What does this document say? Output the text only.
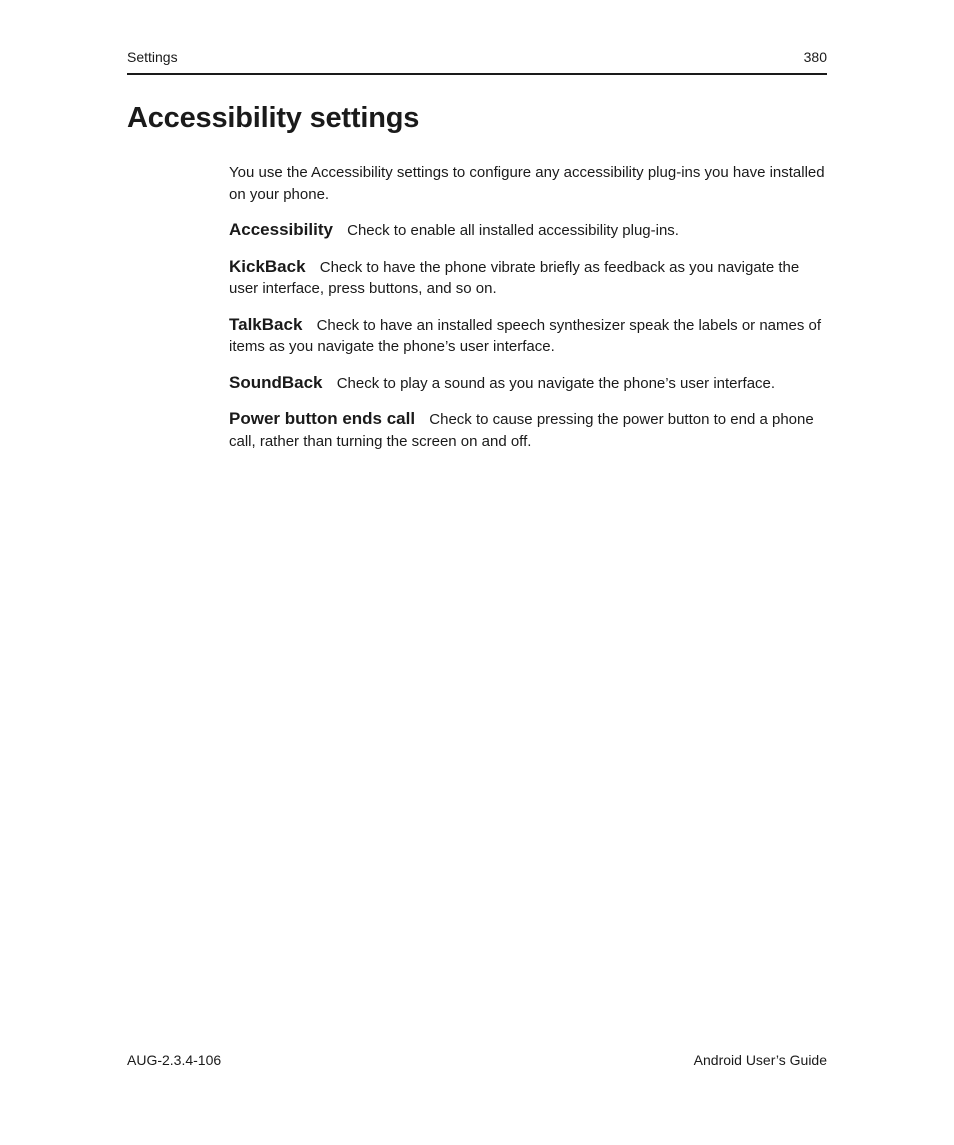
Settings	380
Accessibility settings

You use the Accessibility settings to configure any accessibility plug-ins you have installed on your phone.

Accessibility Check to enable all installed accessibility plug-ins.

KickBack Check to have the phone vibrate briefly as feedback as you navigate the user interface, press buttons, and so on.

TalkBack Check to have an installed speech synthesizer speak the labels or names of items as you navigate the phone’s user interface.

SoundBack Check to play a sound as you navigate the phone’s user interface.

Power button ends call Check to cause pressing the power button to end a phone call, rather than turning the screen on and off.

AUG-2.3.4-106	Android User’s Guide
